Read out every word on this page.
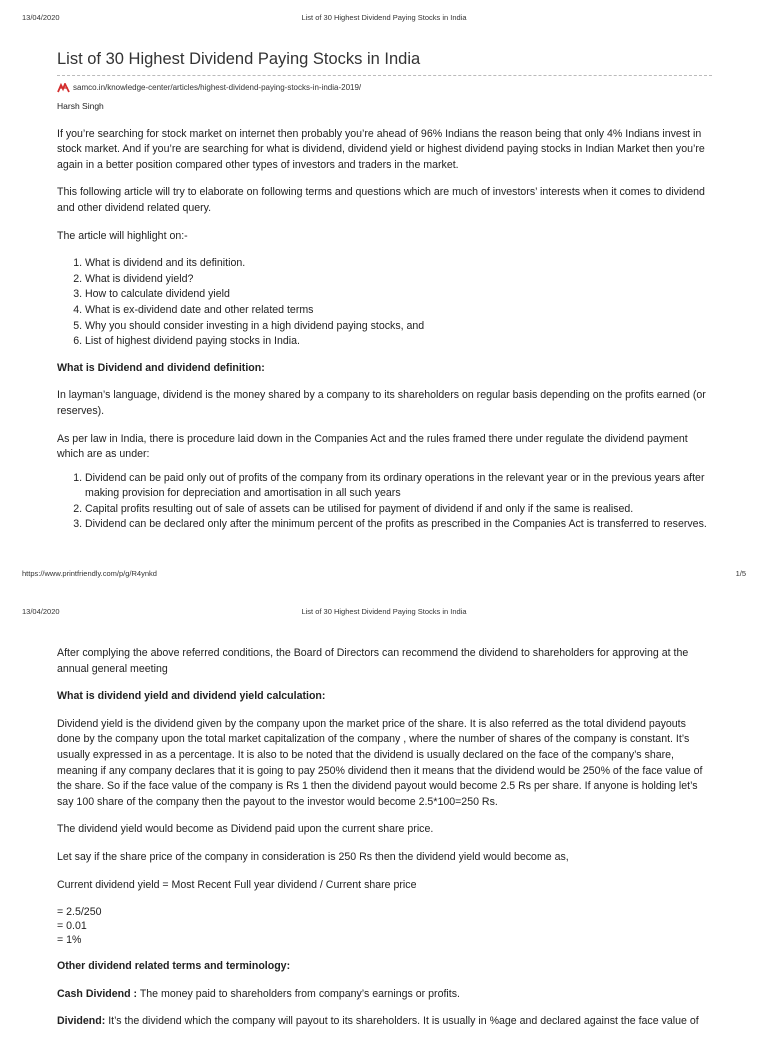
13/04/2020	List of 30 Highest Dividend Paying Stocks in India
List of 30 Highest Dividend Paying Stocks in India
samco.in/knowledge-center/articles/highest-dividend-paying-stocks-in-india-2019/
Harsh Singh

If you’re searching for stock market on internet then probably you’re ahead of 96% Indians the reason being that only 4% Indians invest in stock market. And if you’re are searching for what is dividend, dividend yield or highest dividend paying stocks in Indian Market then you’re again in a better position compared other types of investors and traders in the market.

This following article will try to elaborate on following terms and questions which are much of investors’ interests when it comes to dividend and other dividend related query.

The article will highlight on:-

1. What is dividend and its definition.
2. What is dividend yield?
3. How to calculate dividend yield
4. What is ex-dividend date and other related terms
5. Why you should consider investing in a high dividend paying stocks, and
6. List of highest dividend paying stocks in India.

What is Dividend and dividend definition:

In layman’s language, dividend is the money shared by a company to its shareholders on regular basis depending on the profits earned (or reserves).

As per law in India, there is procedure laid down in the Companies Act and the rules framed there under regulate the dividend payment which are as under:

1. Dividend can be paid only out of profits of the company from its ordinary operations in the relevant year or in the previous years after making provision for depreciation and amortisation in all such years
2. Capital profits resulting out of sale of assets can be utilised for payment of dividend if and only if the same is realised.
3. Dividend can be declared only after the minimum percent of the profits as prescribed in the Companies Act is transferred to reserves.
https://www.printfriendly.com/p/g/R4ynkd	1/5
13/04/2020	List of 30 Highest Dividend Paying Stocks in India

After complying the above referred conditions, the Board of Directors can recommend the dividend to shareholders for approving at the annual general meeting

What is dividend yield and dividend yield calculation:

Dividend yield is the dividend given by the company upon the market price of the share. It is also referred as the total dividend payouts done by the company upon the total market capitalization of the company , where the number of shares of the company is constant. It’s usually expressed in as a percentage. It is also to be noted that the dividend is usually declared on the face of the company’s share, meaning if any company declares that it is going to pay 250% dividend then it means that the dividend would be 250% of the face value of the share. So if the face value of the company is Rs 1 then the dividend payout would become 2.5 Rs per share. If anyone is holding let’s say 100 share of the company then the payout to the investor would become 2.5*100=250 Rs.

The dividend yield would become as Dividend paid upon the current share price.

Let say if the share price of the company in consideration is 250 Rs then the dividend yield would become as,

Current dividend yield = Most Recent Full year dividend / Current share price

= 2.5/250
= 0.01
= 1%

Other dividend related terms and terminology:

Cash Dividend : The money paid to shareholders from company’s earnings or profits.

Dividend: It’s the dividend which the company will payout to its shareholders. It is usually in %age and declared against the face value of
